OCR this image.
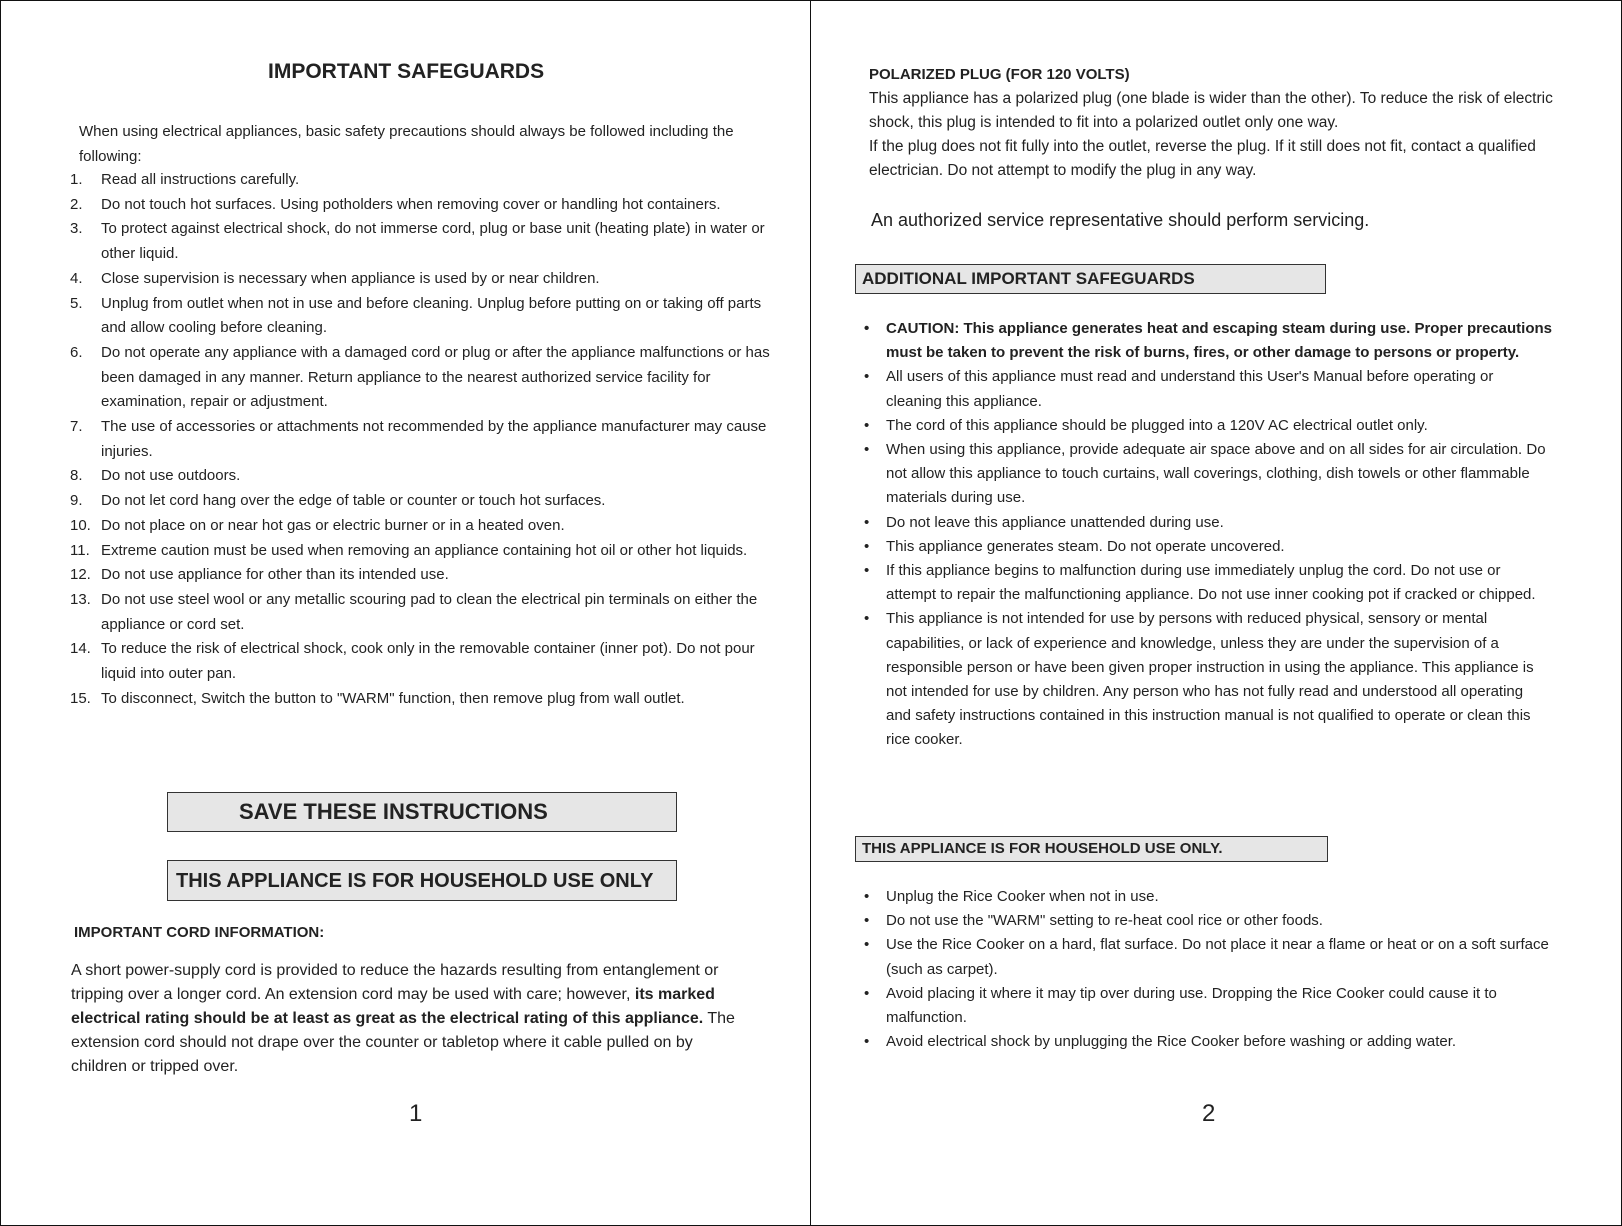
IMPORTANT SAFEGUARDS
When using electrical appliances, basic safety precautions should always be followed including the following:
1. Read all instructions carefully.
2. Do not touch hot surfaces. Using potholders when removing cover or handling hot containers.
3. To protect against electrical shock, do not immerse cord, plug or base unit (heating plate) in water or other liquid.
4. Close supervision is necessary when appliance is used by or near children.
5. Unplug from outlet when not in use and before cleaning. Unplug before putting on or taking off parts and allow cooling before cleaning.
6. Do not operate any appliance with a damaged cord or plug or after the appliance malfunctions or has been damaged in any manner. Return appliance to the nearest authorized service facility for examination, repair or adjustment.
7. The use of accessories or attachments not recommended by the appliance manufacturer may cause injuries.
8. Do not use outdoors.
9. Do not let cord hang over the edge of table or counter or touch hot surfaces.
10. Do not place on or near hot gas or electric burner or in a heated oven.
11. Extreme caution must be used when removing an appliance containing hot oil or other hot liquids.
12. Do not use appliance for other than its intended use.
13. Do not use steel wool or any metallic scouring pad to clean the electrical pin terminals on either the appliance or cord set.
14. To reduce the risk of electrical shock, cook only in the removable container (inner pot). Do not pour liquid into outer pan.
15. To disconnect, Switch the button to "WARM" function, then remove plug from wall outlet.
SAVE THESE INSTRUCTIONS
THIS APPLIANCE IS FOR HOUSEHOLD USE ONLY
IMPORTANT CORD INFORMATION:
A short power-supply cord is provided to reduce the hazards resulting from entanglement or tripping over a longer cord. An extension cord may be used with care; however, its marked electrical rating should be at least as great as the electrical rating of this appliance. The extension cord should not drape over the counter or tabletop where it cable pulled on by children or tripped over.
1
POLARIZED PLUG (FOR 120 VOLTS)
This appliance has a polarized plug (one blade is wider than the other). To reduce the risk of electric shock, this plug is intended to fit into a polarized outlet only one way.
If the plug does not fit fully into the outlet, reverse the plug. If it still does not fit, contact a qualified electrician. Do not attempt to modify the plug in any way.
An authorized service representative should perform servicing.
ADDITIONAL IMPORTANT SAFEGUARDS
• CAUTION: This appliance generates heat and escaping steam during use. Proper precautions must be taken to prevent the risk of burns, fires, or other damage to persons or property.
• All users of this appliance must read and understand this User's Manual before operating or cleaning this appliance.
• The cord of this appliance should be plugged into a 120V AC electrical outlet only.
• When using this appliance, provide adequate air space above and on all sides for air circulation. Do not allow this appliance to touch curtains, wall coverings, clothing, dish towels or other flammable materials during use.
• Do not leave this appliance unattended during use.
• This appliance generates steam. Do not operate uncovered.
• If this appliance begins to malfunction during use immediately unplug the cord. Do not use or attempt to repair the malfunctioning appliance. Do not use inner cooking pot if cracked or chipped.
• This appliance is not intended for use by persons with reduced physical, sensory or mental capabilities, or lack of experience and knowledge, unless they are under the supervision of a responsible person or have been given proper instruction in using the appliance. This appliance is not intended for use by children. Any person who has not fully read and understood all operating and safety instructions contained in this instruction manual is not qualified to operate or clean this rice cooker.
THIS APPLIANCE IS FOR HOUSEHOLD USE ONLY.
• Unplug the Rice Cooker when not in use.
• Do not use the "WARM" setting to re-heat cool rice or other foods.
• Use the Rice Cooker on a hard, flat surface. Do not place it near a flame or heat or on a soft surface (such as carpet).
• Avoid placing it where it may tip over during use. Dropping the Rice Cooker could cause it to malfunction.
• Avoid electrical shock by unplugging the Rice Cooker before washing or adding water.
2
